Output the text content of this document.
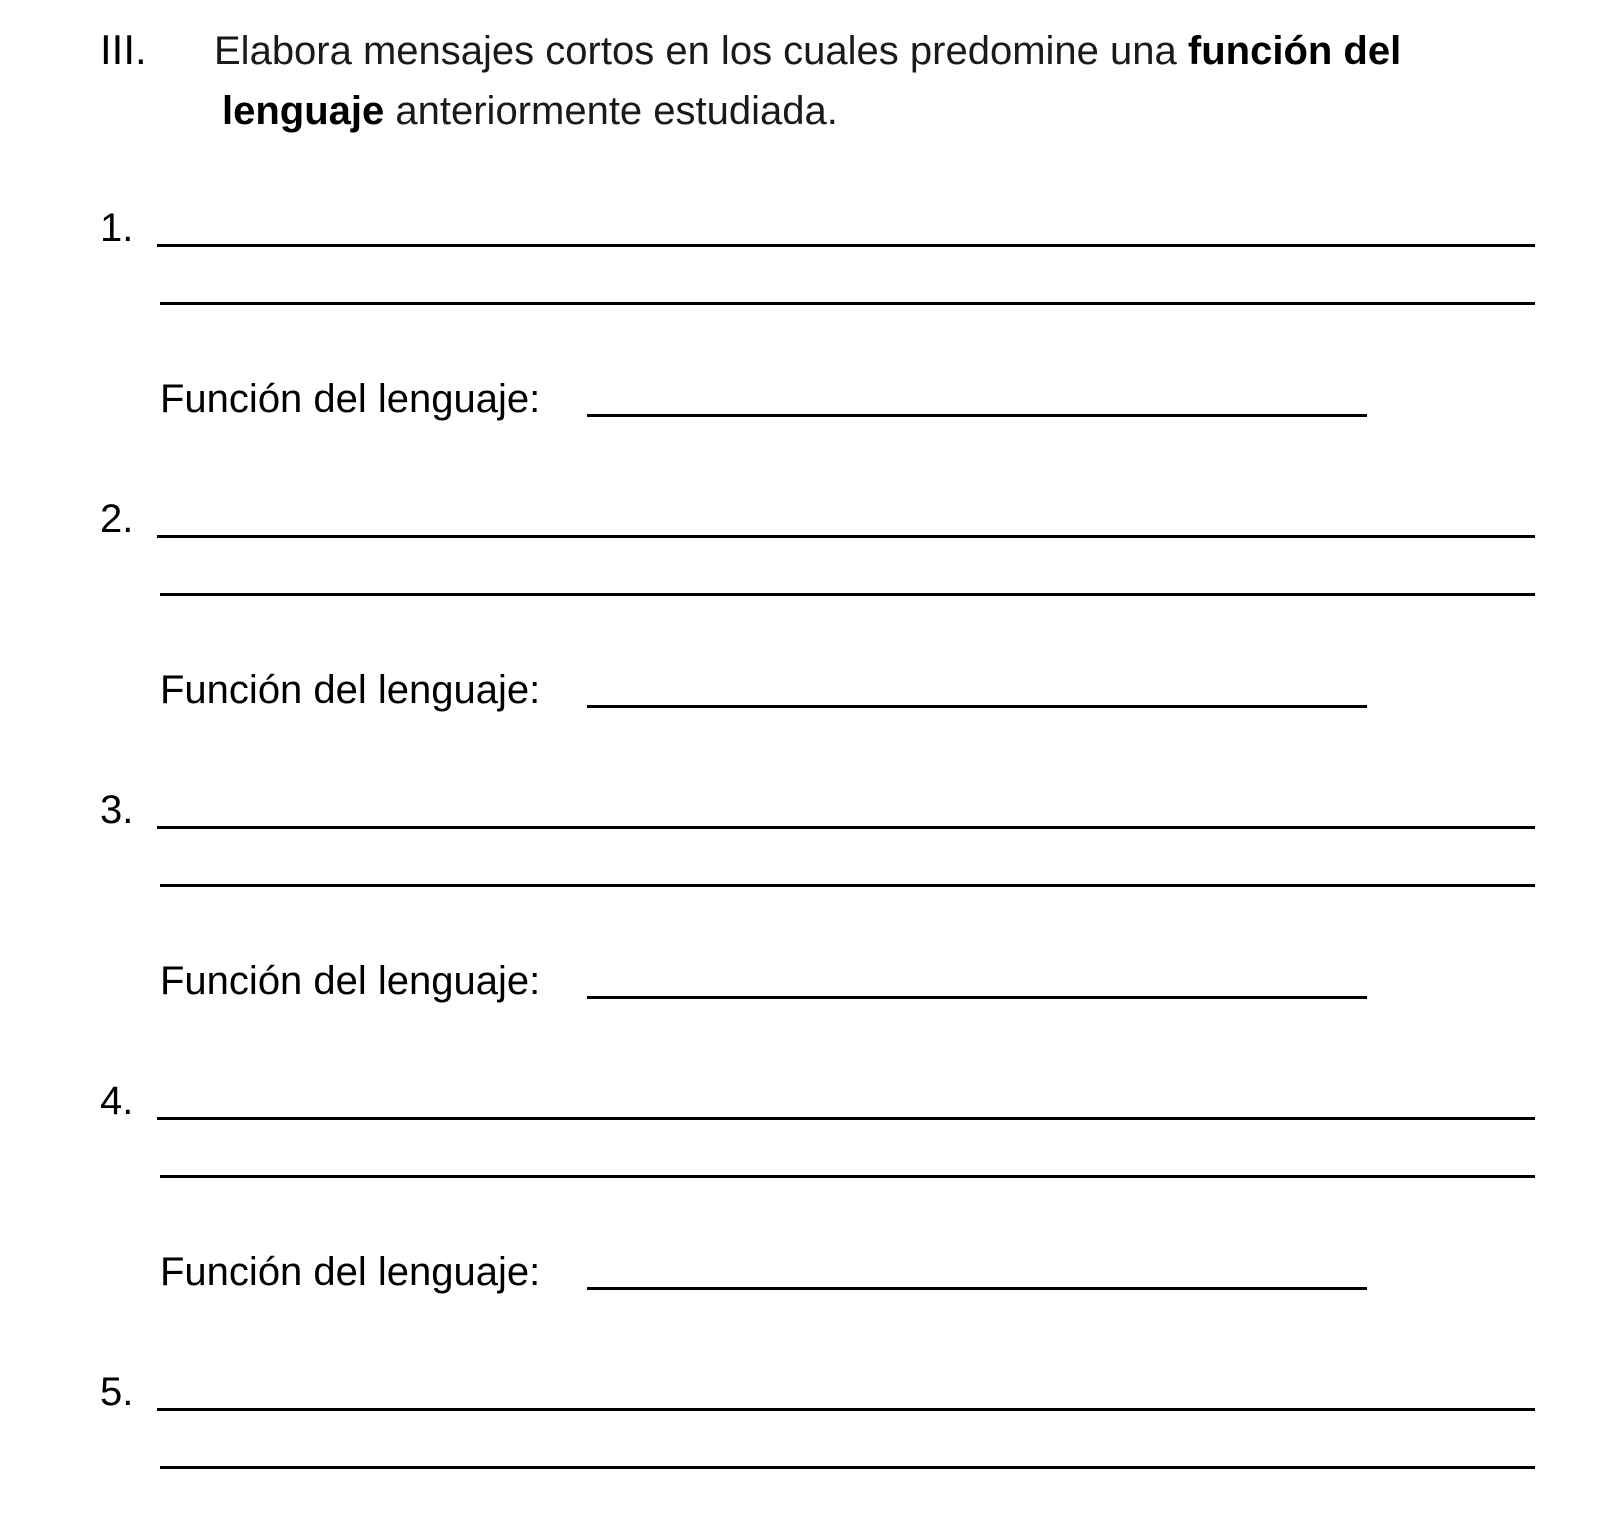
III. Elabora mensajes cortos en los cuales predomine una función del
lenguaje anteriormente estudiada.
1.
Función del lenguaje:
2.
Función del lenguaje:
3.
Función del lenguaje:
4.
Función del lenguaje:
5.
